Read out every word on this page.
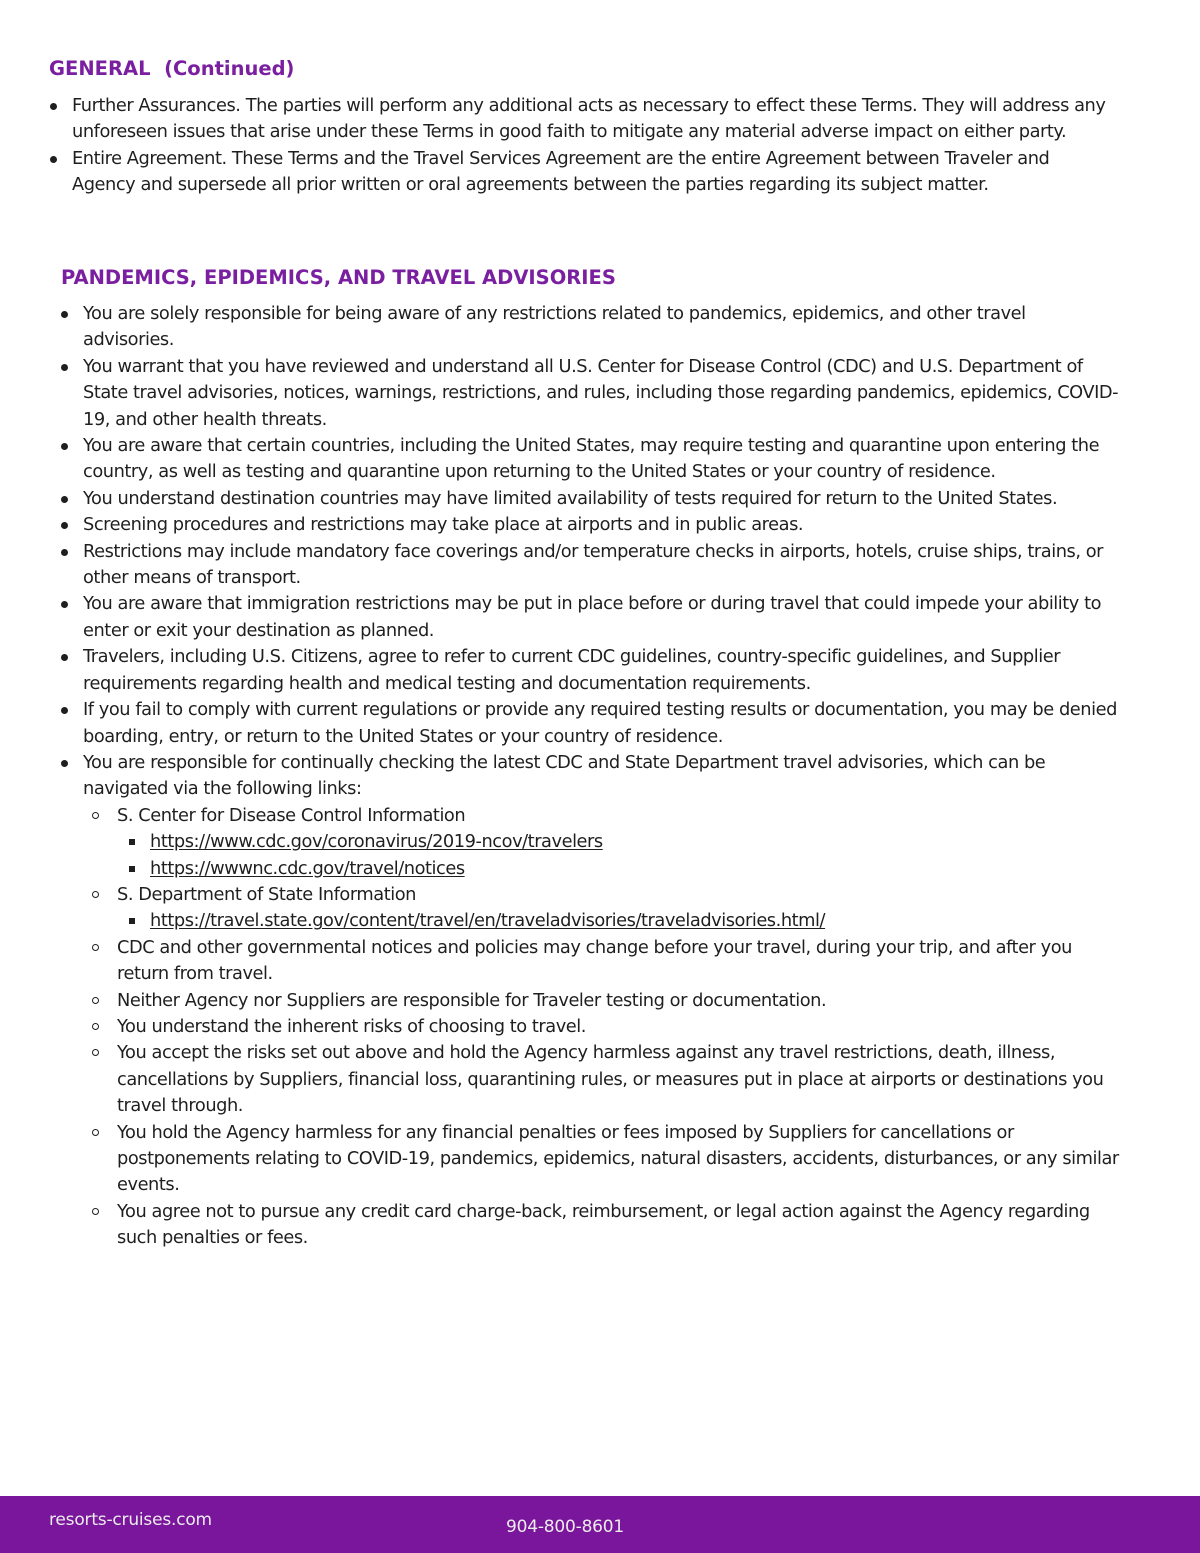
GENERAL  (Continued)
Further Assurances. The parties will perform any additional acts as necessary to effect these Terms. They will address any unforeseen issues that arise under these Terms in good faith to mitigate any material adverse impact on either party.
Entire Agreement. These Terms and the Travel Services Agreement are the entire Agreement between Traveler and Agency and supersede all prior written or oral agreements between the parties regarding its subject matter.
PANDEMICS, EPIDEMICS, AND TRAVEL ADVISORIES
You are solely responsible for being aware of any restrictions related to pandemics, epidemics, and other travel advisories.
You warrant that you have reviewed and understand all U.S. Center for Disease Control (CDC) and U.S. Department of State travel advisories, notices, warnings, restrictions, and rules, including those regarding pandemics, epidemics, COVID-19, and other health threats.
You are aware that certain countries, including the United States, may require testing and quarantine upon entering the country, as well as testing and quarantine upon returning to the United States or your country of residence.
You understand destination countries may have limited availability of tests required for return to the United States.
Screening procedures and restrictions may take place at airports and in public areas.
Restrictions may include mandatory face coverings and/or temperature checks in airports, hotels, cruise ships, trains, or other means of transport.
You are aware that immigration restrictions may be put in place before or during travel that could impede your ability to enter or exit your destination as planned.
Travelers, including U.S. Citizens, agree to refer to current CDC guidelines, country-specific guidelines, and Supplier requirements regarding health and medical testing and documentation requirements.
If you fail to comply with current regulations or provide any required testing results or documentation, you may be denied boarding, entry, or return to the United States or your country of residence.
You are responsible for continually checking the latest CDC and State Department travel advisories, which can be navigated via the following links:
S. Center for Disease Control Information
https://www.cdc.gov/coronavirus/2019-ncov/travelers
https://wwwnc.cdc.gov/travel/notices
S. Department of State Information
https://travel.state.gov/content/travel/en/traveladvisories/traveladvisories.html/
CDC and other governmental notices and policies may change before your travel, during your trip, and after you return from travel.
Neither Agency nor Suppliers are responsible for Traveler testing or documentation.
You understand the inherent risks of choosing to travel.
You accept the risks set out above and hold the Agency harmless against any travel restrictions, death, illness, cancellations by Suppliers, financial loss, quarantining rules, or measures put in place at airports or destinations you travel through.
You hold the Agency harmless for any financial penalties or fees imposed by Suppliers for cancellations or postponements relating to COVID-19, pandemics, epidemics, natural disasters, accidents, disturbances, or any similar events.
You agree not to pursue any credit card charge-back, reimbursement, or legal action against the Agency regarding such penalties or fees.
resorts-cruises.com	904-800-8601
